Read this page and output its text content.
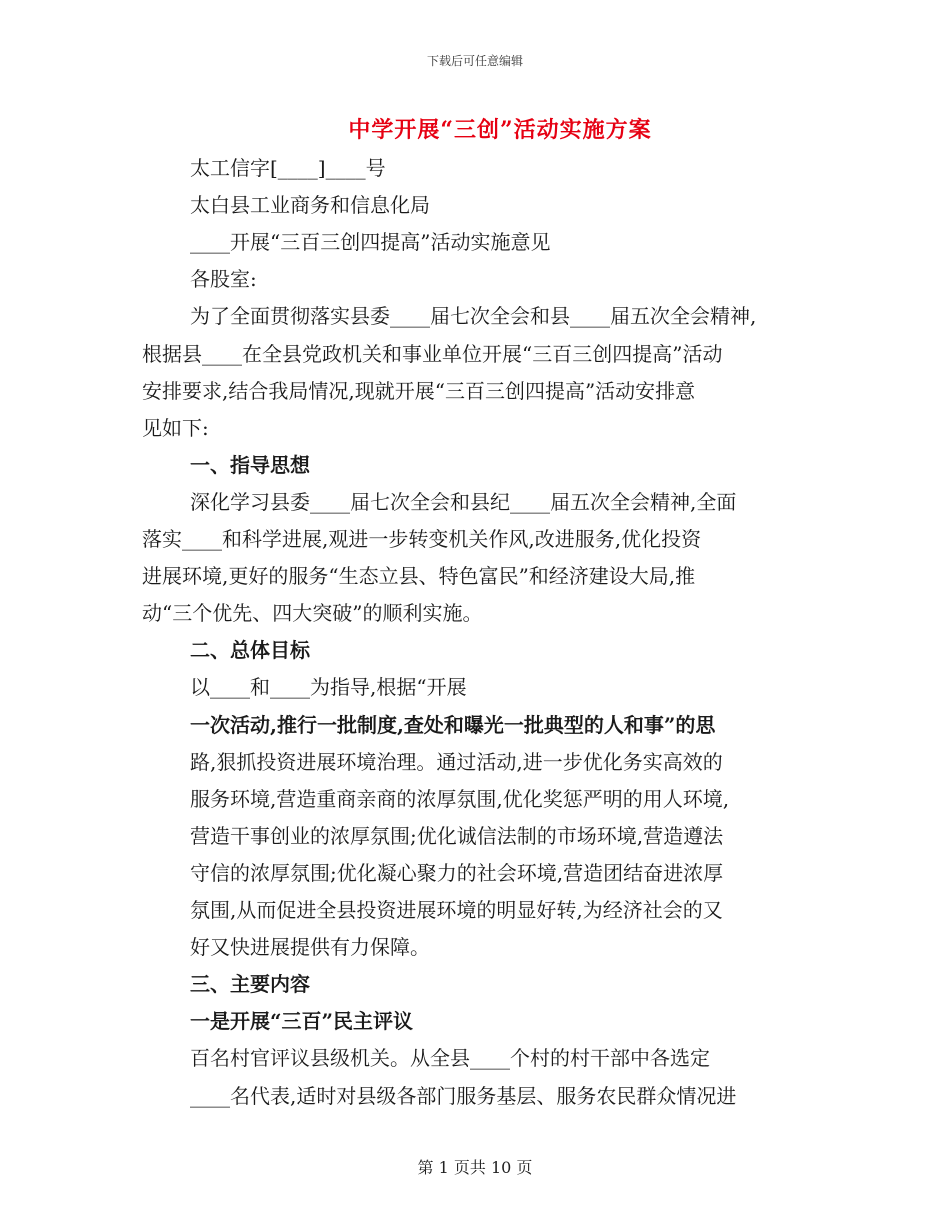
下载后可任意编辑
中学开展“三创”活动实施方案
太工信字[____]____号
太白县工业商务和信息化局
____开展“三百三创四提高”活动实施意见
各股室:
为了全面贯彻落实县委____届七次全会和县____届五次全会精神,
根据县____在全县党政机关和事业单位开展“三百三创四提高”活动
安排要求,结合我局情况,现就开展“三百三创四提高”活动安排意
见如下:
一、指导思想
深化学习县委____届七次全会和县纪____届五次全会精神,全面
落实____和科学进展,观进一步转变机关作风,改进服务,优化投资
进展环境,更好的服务“生态立县、特色富民”和经济建设大局,推
动“三个优先、四大突破”的顺利实施。
二、总体目标
以____和____为指导,根据“开展
一次活动,推行一批制度,查处和曝光一批典型的人和事”的思
路,狠抓投资进展环境治理。通过活动,进一步优化务实高效的
服务环境,营造重商亲商的浓厚氛围,优化奖惩严明的用人环境,
营造干事创业的浓厚氛围;优化诚信法制的市场环境,营造遵法
守信的浓厚氛围;优化凝心聚力的社会环境,营造团结奋进浓厚
氛围,从而促进全县投资进展环境的明显好转,为经济社会的又
好又快进展提供有力保障。
三、主要内容
一是开展“三百”民主评议
百名村官评议县级机关。从全县____个村的村干部中各选定
____名代表,适时对县级各部门服务基层、服务农民群众情况进
第 1 页共 10 页
